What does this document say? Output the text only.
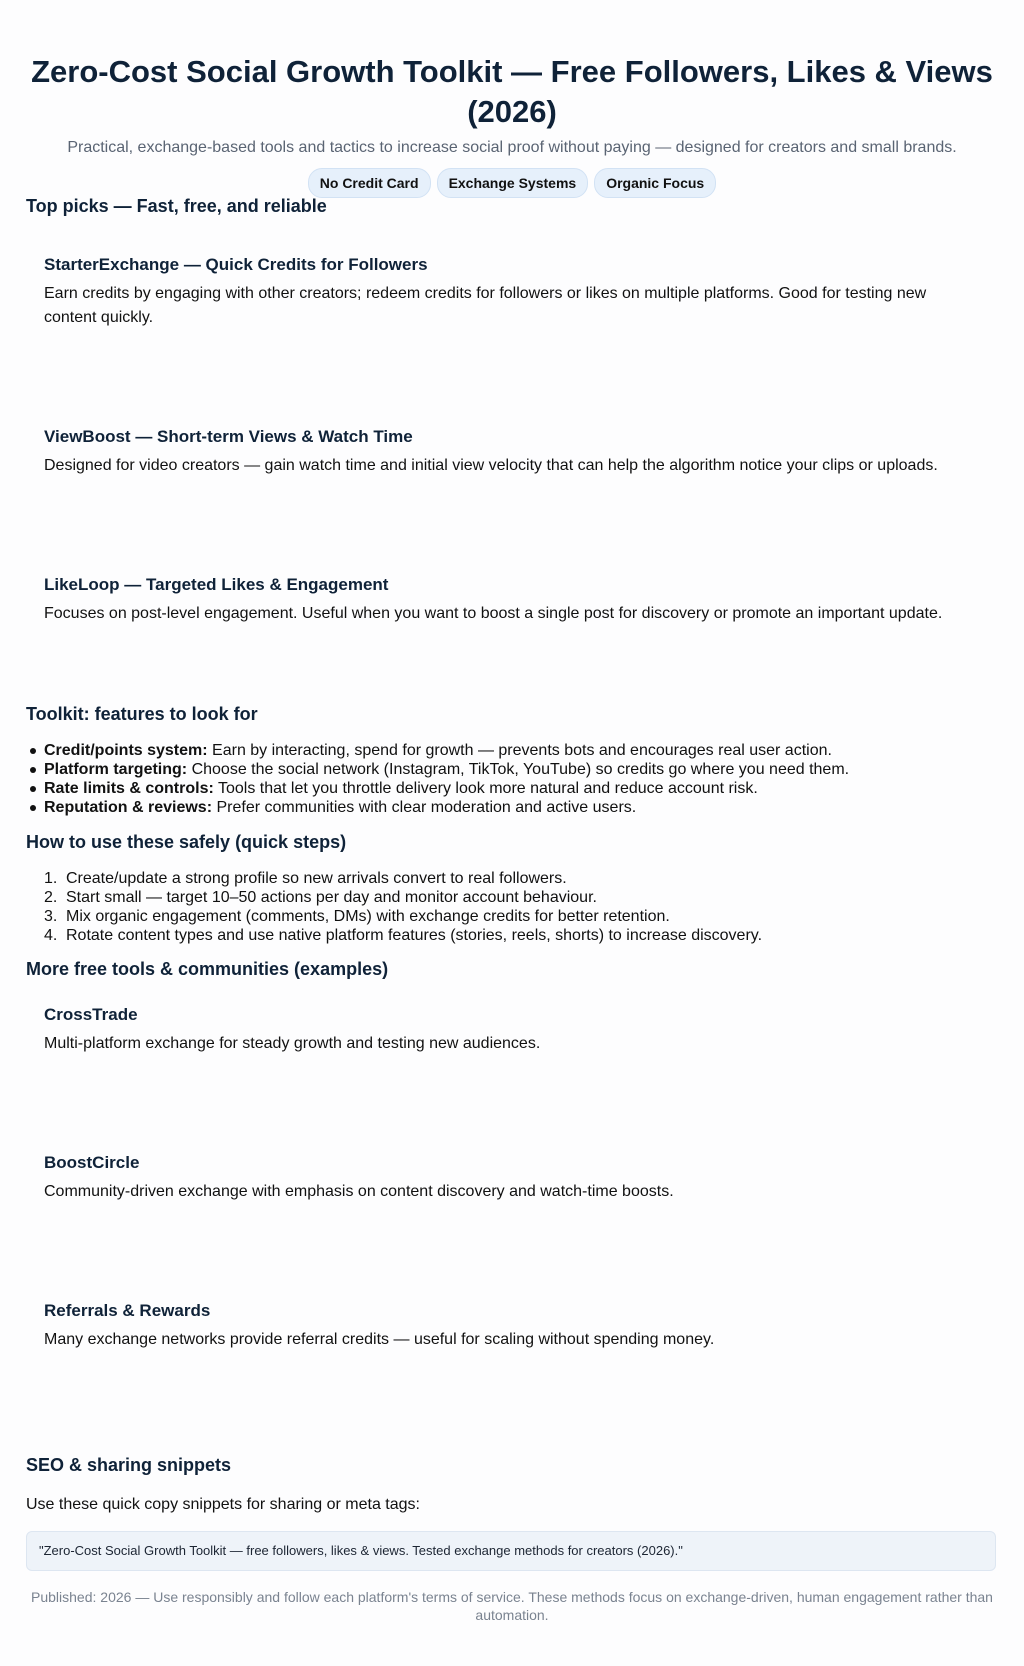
Zero-Cost Social Growth Toolkit — Free Followers, Likes & Views (2026)

Practical, exchange-based tools and tactics to increase social proof without paying — designed for creators and small brands.

No Credit Card	Exchange Systems	Organic Focus
Top picks — Fast, free, and reliable
StarterExchange — Quick Credits for Followers

Earn credits by engaging with other creators; redeem credits for followers or likes on multiple platforms. Good for testing new content quickly.

ViewBoost — Short-term Views & Watch Time

Designed for video creators — gain watch time and initial view velocity that can help the algorithm notice your clips or uploads.

LikeLoop — Targeted Likes & Engagement

Focuses on post-level engagement. Useful when you want to boost a single post for discovery or promote an important update.

Toolkit: features to look for
Credit/points system: Earn by interacting, spend for growth — prevents bots and encourages real user action.
Platform targeting: Choose the social network (Instagram, TikTok, YouTube) so credits go where you need them.
Rate limits & controls: Tools that let you throttle delivery look more natural and reduce account risk.
Reputation & reviews: Prefer communities with clear moderation and active users.
How to use these safely (quick steps)
1. Create/update a strong profile so new arrivals convert to real followers.
2. Start small — target 10–50 actions per day and monitor account behaviour.
3. Mix organic engagement (comments, DMs) with exchange credits for better retention.
4. Rotate content types and use native platform features (stories, reels, shorts) to increase discovery.
More free tools & communities (examples)
CrossTrade

Multi-platform exchange for steady growth and testing new audiences.

BoostCircle

Community-driven exchange with emphasis on content discovery and watch-time boosts.

Referrals & Rewards

Many exchange networks provide referral credits — useful for scaling without spending money.

SEO & sharing snippets

Use these quick copy snippets for sharing or meta tags:

"Zero-Cost Social Growth Toolkit — free followers, likes & views. Tested exchange methods for creators (2026)."

Published: 2026 — Use responsibly and follow each platform's terms of service. These methods focus on exchange-driven, human engagement rather than automation.
